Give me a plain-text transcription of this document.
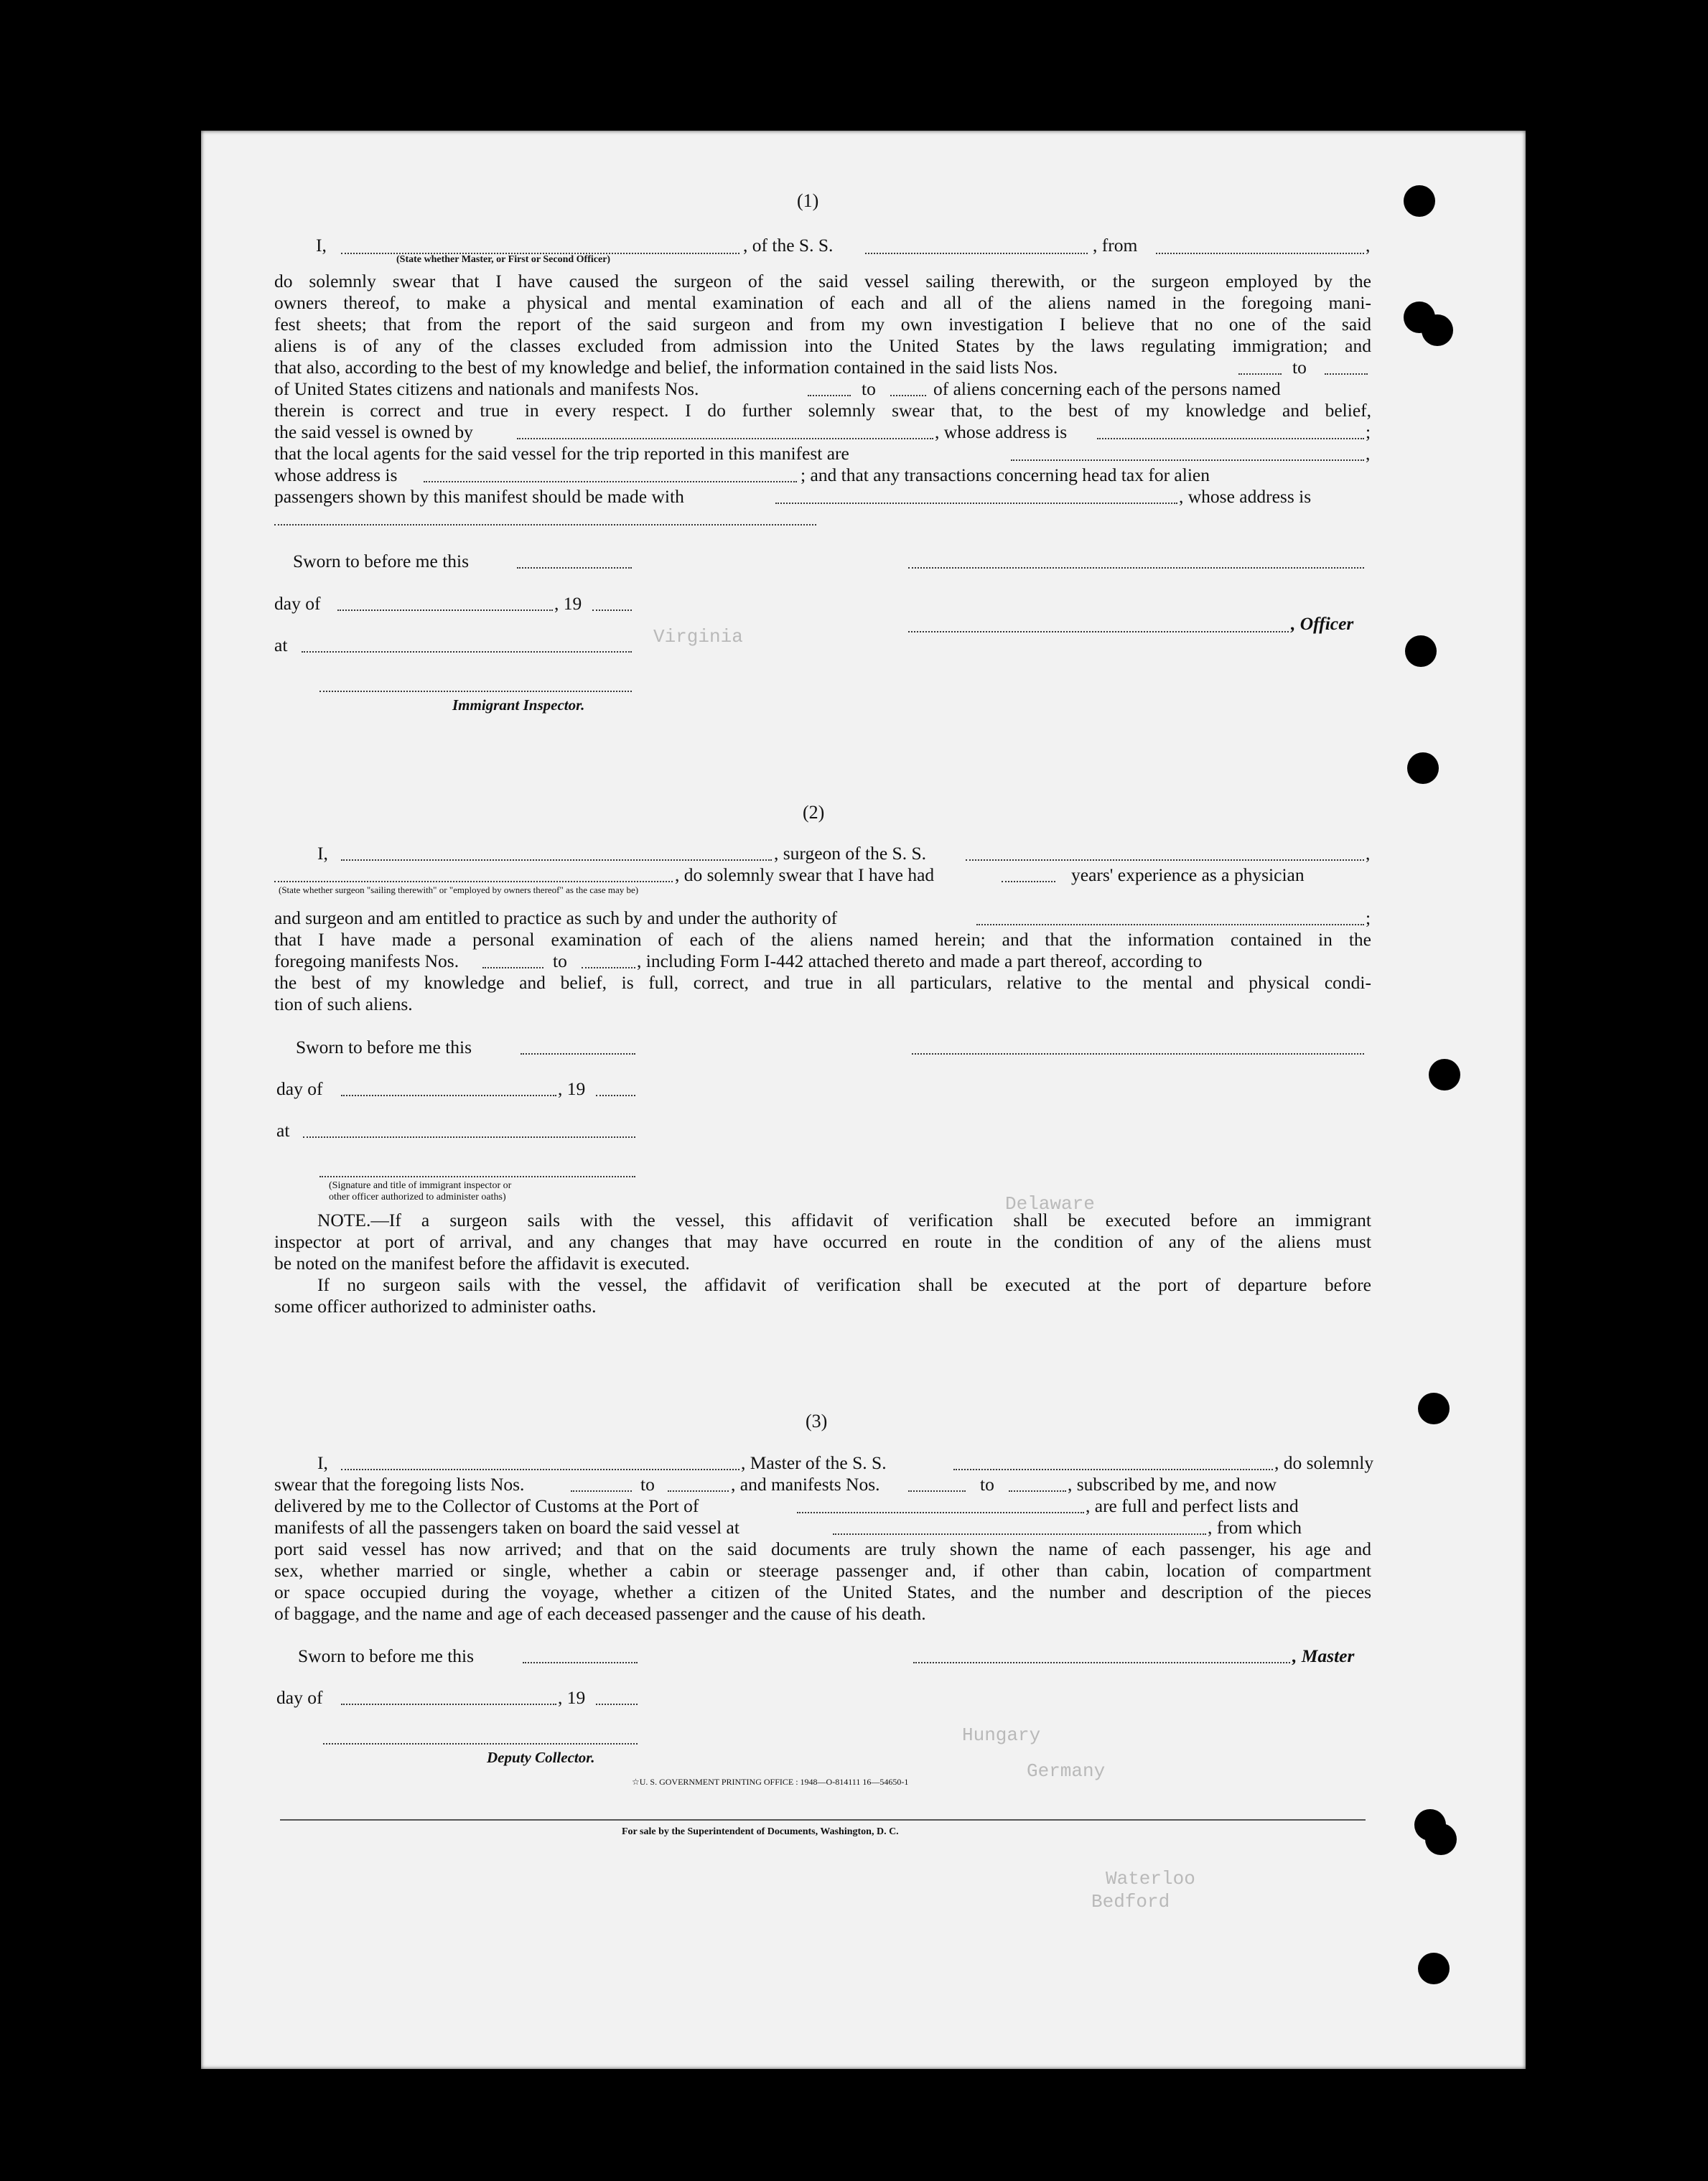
Virginia
Germany
Waterloo
Bedford
Delaware
Hungary
(1)
I,	, of the S. S.	, from	,
(State whether Master, or First or Second Officer)
do solemnly swear that I have caused the surgeon of the said vessel sailing therewith, or the surgeon employed by the
owners thereof, to make a physical and mental examination of each and all of the aliens named in the foregoing mani-
fest sheets; that from the report of the said surgeon and from my own investigation I believe that no one of the said
aliens is of any of the classes excluded from admission into the United States by the laws regulating immigration; and
that also, according to the best of my knowledge and belief, the information contained in the said lists Nos.	to
of United States citizens and nationals and manifests Nos.	to	of aliens concerning each of the persons named
therein is correct and true in every respect. I do further solemnly swear that, to the best of my knowledge and belief,
the said vessel is owned by	, whose address is	;
that the local agents for the said vessel for the trip reported in this manifest are	,
whose address is	; and that any transactions concerning head tax for alien
passengers shown by this manifest should be made with	, whose address is
Sworn to before me this
day of	, 19
, Officer
at
Immigrant Inspector.
(2)
I,	, surgeon of the S. S.	,
, do solemnly swear that I have had	years' experience as a physician
(State whether surgeon "sailing therewith" or "employed by owners thereof" as the case may be)
and surgeon and am entitled to practice as such by and under the authority of	;
that I have made a personal examination of each of the aliens named herein; and that the information contained in the
foregoing manifests Nos.	to	, including Form I-442 attached thereto and made a part thereof, according to
the best of my knowledge and belief, is full, correct, and true in all particulars, relative to the mental and physical condi-
tion of such aliens.
Sworn to before me this
day of	, 19
at
(Signature and title of immigrant inspector or
other officer authorized to administer oaths)
NOTE.—If a surgeon sails with the vessel, this affidavit of verification shall be executed before an immigrant
inspector at port of arrival, and any changes that may have occurred en route in the condition of any of the aliens must
be noted on the manifest before the affidavit is executed.
If no surgeon sails with the vessel, the affidavit of verification shall be executed at the port of departure before
some officer authorized to administer oaths.
(3)
I,	, Master of the S. S.	, do solemnly
swear that the foregoing lists Nos.	to	, and manifests Nos.	to	, subscribed by me, and now
delivered by me to the Collector of Customs at the Port of	, are full and perfect lists and
manifests of all the passengers taken on board the said vessel at	, from which
port said vessel has now arrived; and that on the said documents are truly shown the name of each passenger, his age and
sex, whether married or single, whether a cabin or steerage passenger and, if other than cabin, location of compartment
or space occupied during the voyage, whether a citizen of the United States, and the number and description of the pieces
of baggage, and the name and age of each deceased passenger and the cause of his death.
Sworn to before me this	, Master
day of	, 19
Deputy Collector.
☆U. S. GOVERNMENT PRINTING OFFICE : 1948—O-814111 16—54650-1
For sale by the Superintendent of Documents, Washington, D. C.
